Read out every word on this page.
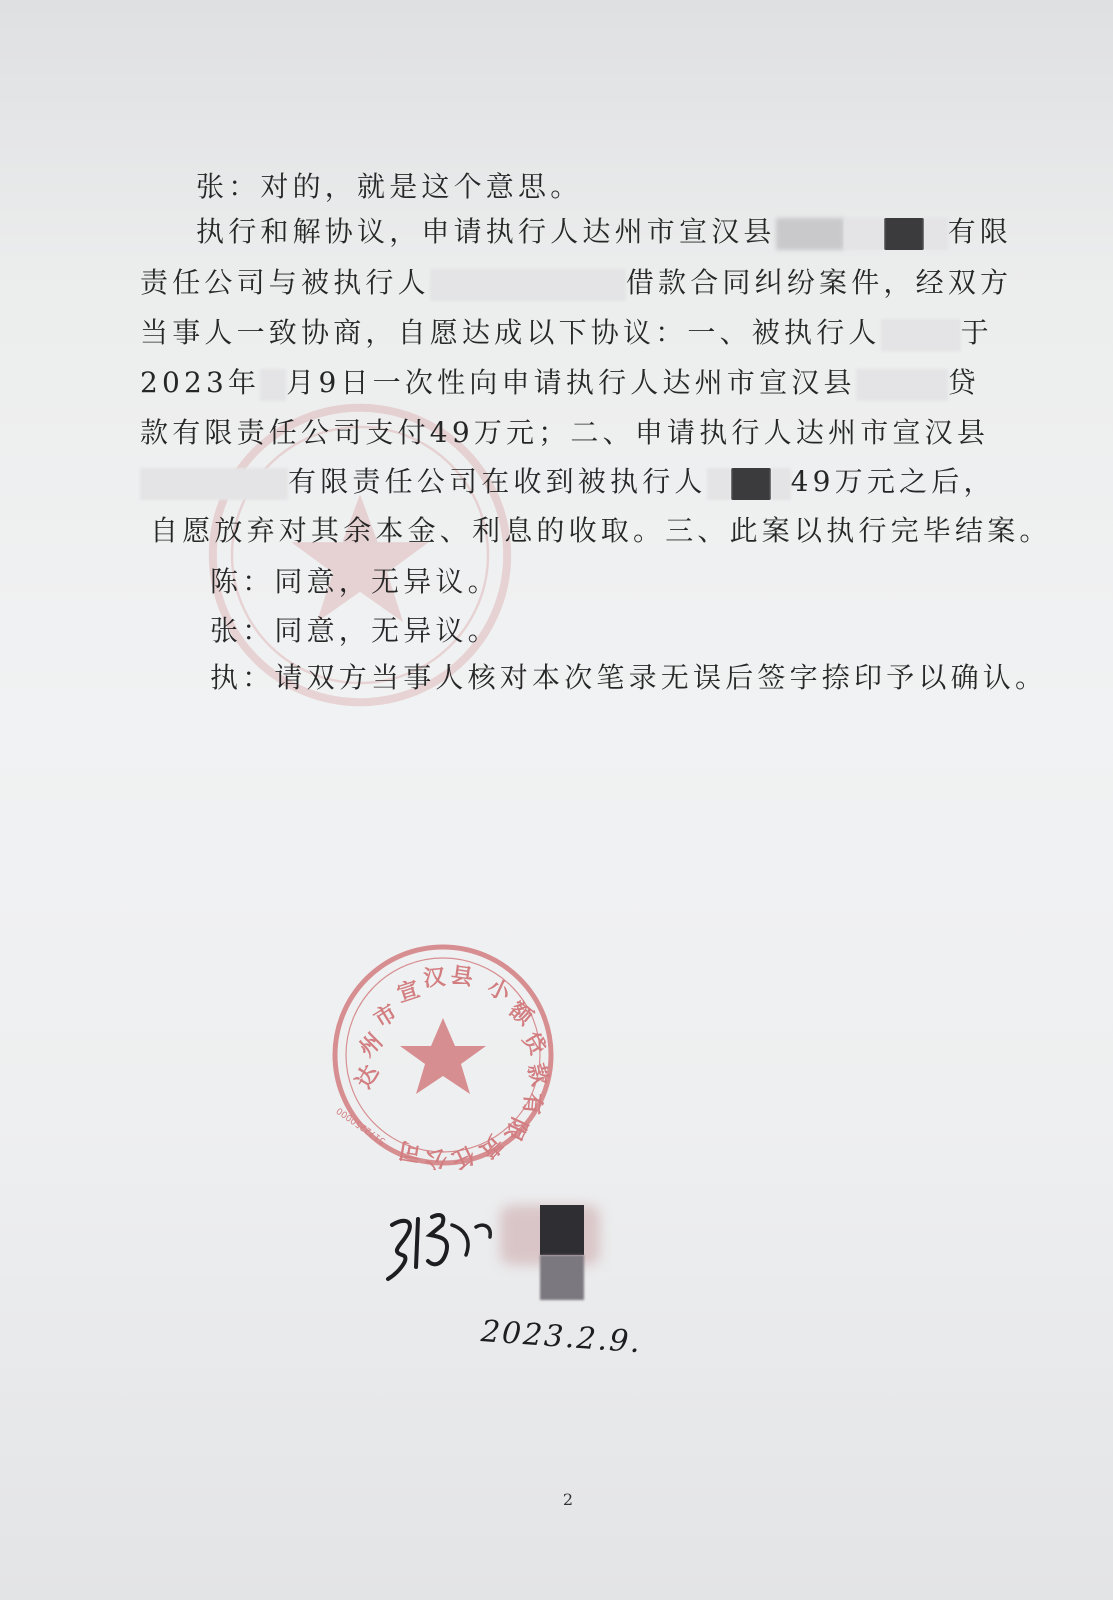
张：对的，就是这个意思。
执行和解协议，申请执行人达州市宣汉县	有限
责任公司与被执行人	借款合同纠纷案件，经双方
当事人一致协商，自愿达成以下协议：一、被执行人	于
2023年 月9日一次性向申请执行人达州市宣汉县	贷
款有限责任公司支付49万元；二、申请执行人达州市宣汉县
有限责任公司在收到被执行人	49万元之后，
自愿放弃对其余本金、利息的收取。三、此案以执行完毕结案。
陈：同意，无异议。
张：同意，无异议。
执：请双方当事人核对本次笔录无误后签字捺印予以确认。
达
州
市
宣 汉 县 小
额
贷
款
有
限
责
任
公
司
5172250000
2023.2.9.
2
